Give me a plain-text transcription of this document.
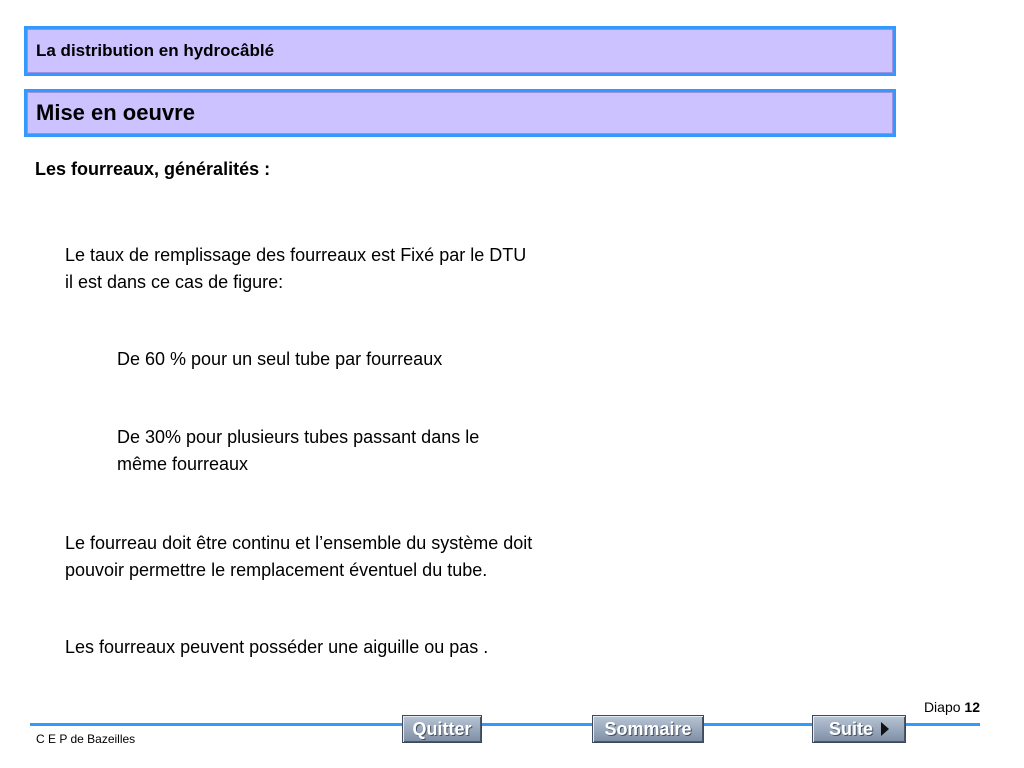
La distribution en hydrocâblé
Mise en oeuvre
Les fourreaux, généralités :
Le taux de remplissage des fourreaux est Fixé par le DTU
il est dans ce cas de figure:
De 60 % pour un seul tube par fourreaux
De 30% pour plusieurs tubes passant dans le
même fourreaux
Le fourreau doit être continu et l’ensemble du système doit
pouvoir permettre le remplacement éventuel du tube.
Les fourreaux peuvent posséder une aiguille ou pas .
Diapo 12
C E P de Bazeilles
Quitter	Sommaire	Suite
